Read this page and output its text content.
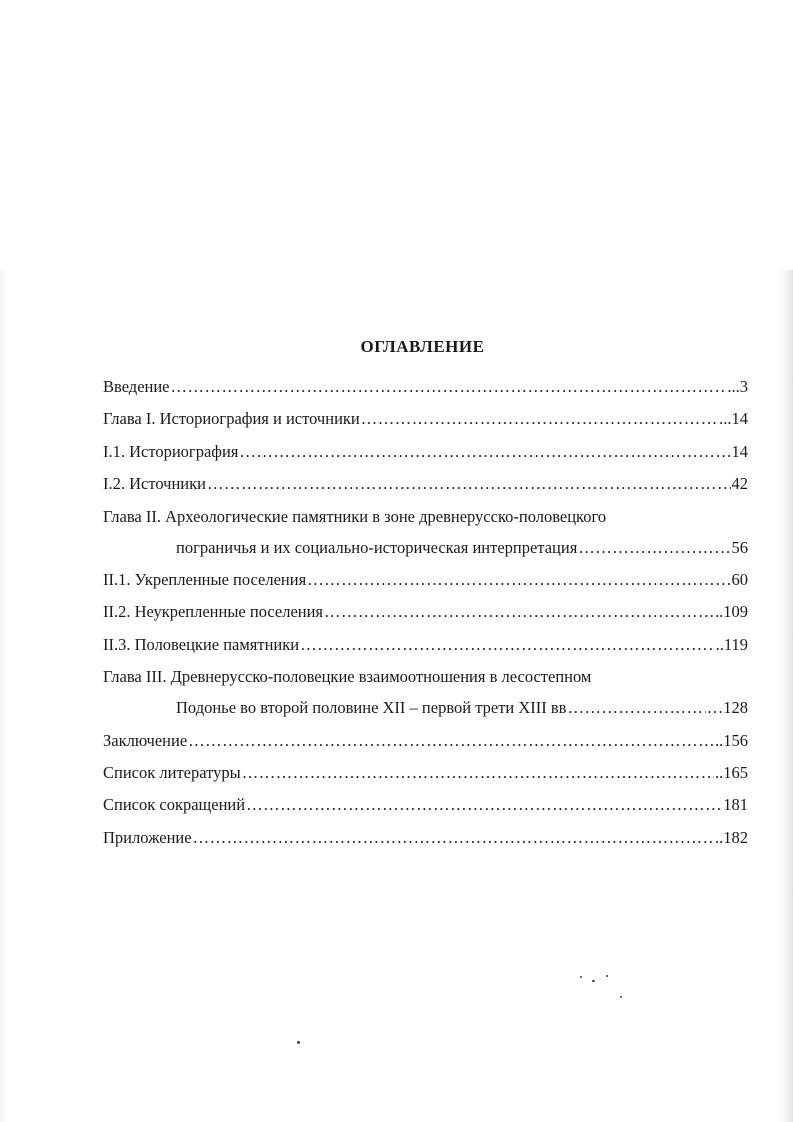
ОГЛАВЛЕНИЕ
Введение ……………………………………………………………………………………………………………………………………………………………………	...3
Глава I. Историография и источники ……………………………………………………………………………………………………………………………………………………………………	...14
I.1. Историография ……………………………………………………………………………………………………………………………………………………………………	14
I.2. Источники ……………………………………………………………………………………………………………………………………………………………………	42
Глава II. Археологические памятники в зоне древнерусско-половецкого
пограничья и их социально-историческая интерпретация ……………………………………………………………………………………………………………………………………………………………………	56
II.1. Укрепленные поселения ……………………………………………………………………………………………………………………………………………………………………	60
II.2. Неукрепленные поселения ……………………………………………………………………………………………………………………………………………………………………	..109
II.3. Половецкие памятники ……………………………………………………………………………………………………………………………………………………………………	..119
Глава III. Древнерусско-половецкие взаимоотношения в лесостепном
Подонье во второй половине XII – первой трети XIII вв ……………………………………………………………………………………………………………………………………………………………………	…128
Заключение ……………………………………………………………………………………………………………………………………………………………………	..156
Список литературы ……………………………………………………………………………………………………………………………………………………………………	..165
Список сокращений ……………………………………………………………………………………………………………………………………………………………………	181
Приложение ……………………………………………………………………………………………………………………………………………………………………	..182
